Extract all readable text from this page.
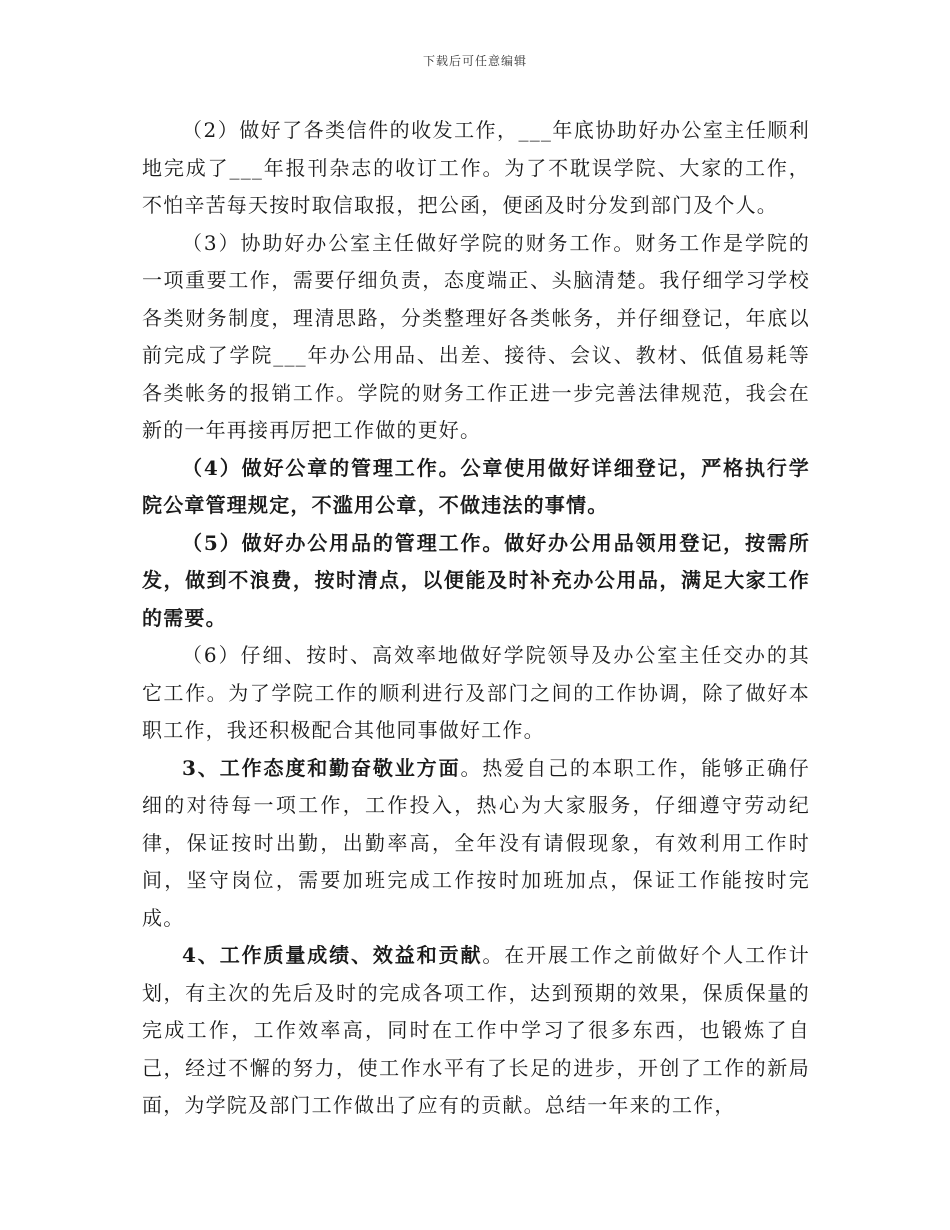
下载后可任意编辑

（2）做好了各类信件的收发工作，___年底协助好办公室主任顺利地完成了___年报刊杂志的收订工作。为了不耽误学院、大家的工作，不怕辛苦每天按时取信取报，把公函，便函及时分发到部门及个人。

（3）协助好办公室主任做好学院的财务工作。财务工作是学院的一项重要工作，需要仔细负责，态度端正、头脑清楚。我仔细学习学校各类财务制度，理清思路，分类整理好各类帐务，并仔细登记，年底以前完成了学院___年办公用品、出差、接待、会议、教材、低值易耗等各类帐务的报销工作。学院的财务工作正进一步完善法律规范，我会在新的一年再接再厉把工作做的更好。

（4）做好公章的管理工作。公章使用做好详细登记，严格执行学院公章管理规定，不滥用公章，不做违法的事情。

（5）做好办公用品的管理工作。做好办公用品领用登记，按需所发，做到不浪费，按时清点，以便能及时补充办公用品，满足大家工作的需要。

（6）仔细、按时、高效率地做好学院领导及办公室主任交办的其它工作。为了学院工作的顺利进行及部门之间的工作协调，除了做好本职工作，我还积极配合其他同事做好工作。

3、工作态度和勤奋敬业方面。热爱自己的本职工作，能够正确仔细的对待每一项工作，工作投入，热心为大家服务，仔细遵守劳动纪律，保证按时出勤，出勤率高，全年没有请假现象，有效利用工作时间，坚守岗位，需要加班完成工作按时加班加点，保证工作能按时完成。

4、工作质量成绩、效益和贡献。在开展工作之前做好个人工作计划，有主次的先后及时的完成各项工作，达到预期的效果，保质保量的完成工作，工作效率高，同时在工作中学习了很多东西，也锻炼了自己，经过不懈的努力，使工作水平有了长足的进步，开创了工作的新局面，为学院及部门工作做出了应有的贡献。总结一年来的工作，
